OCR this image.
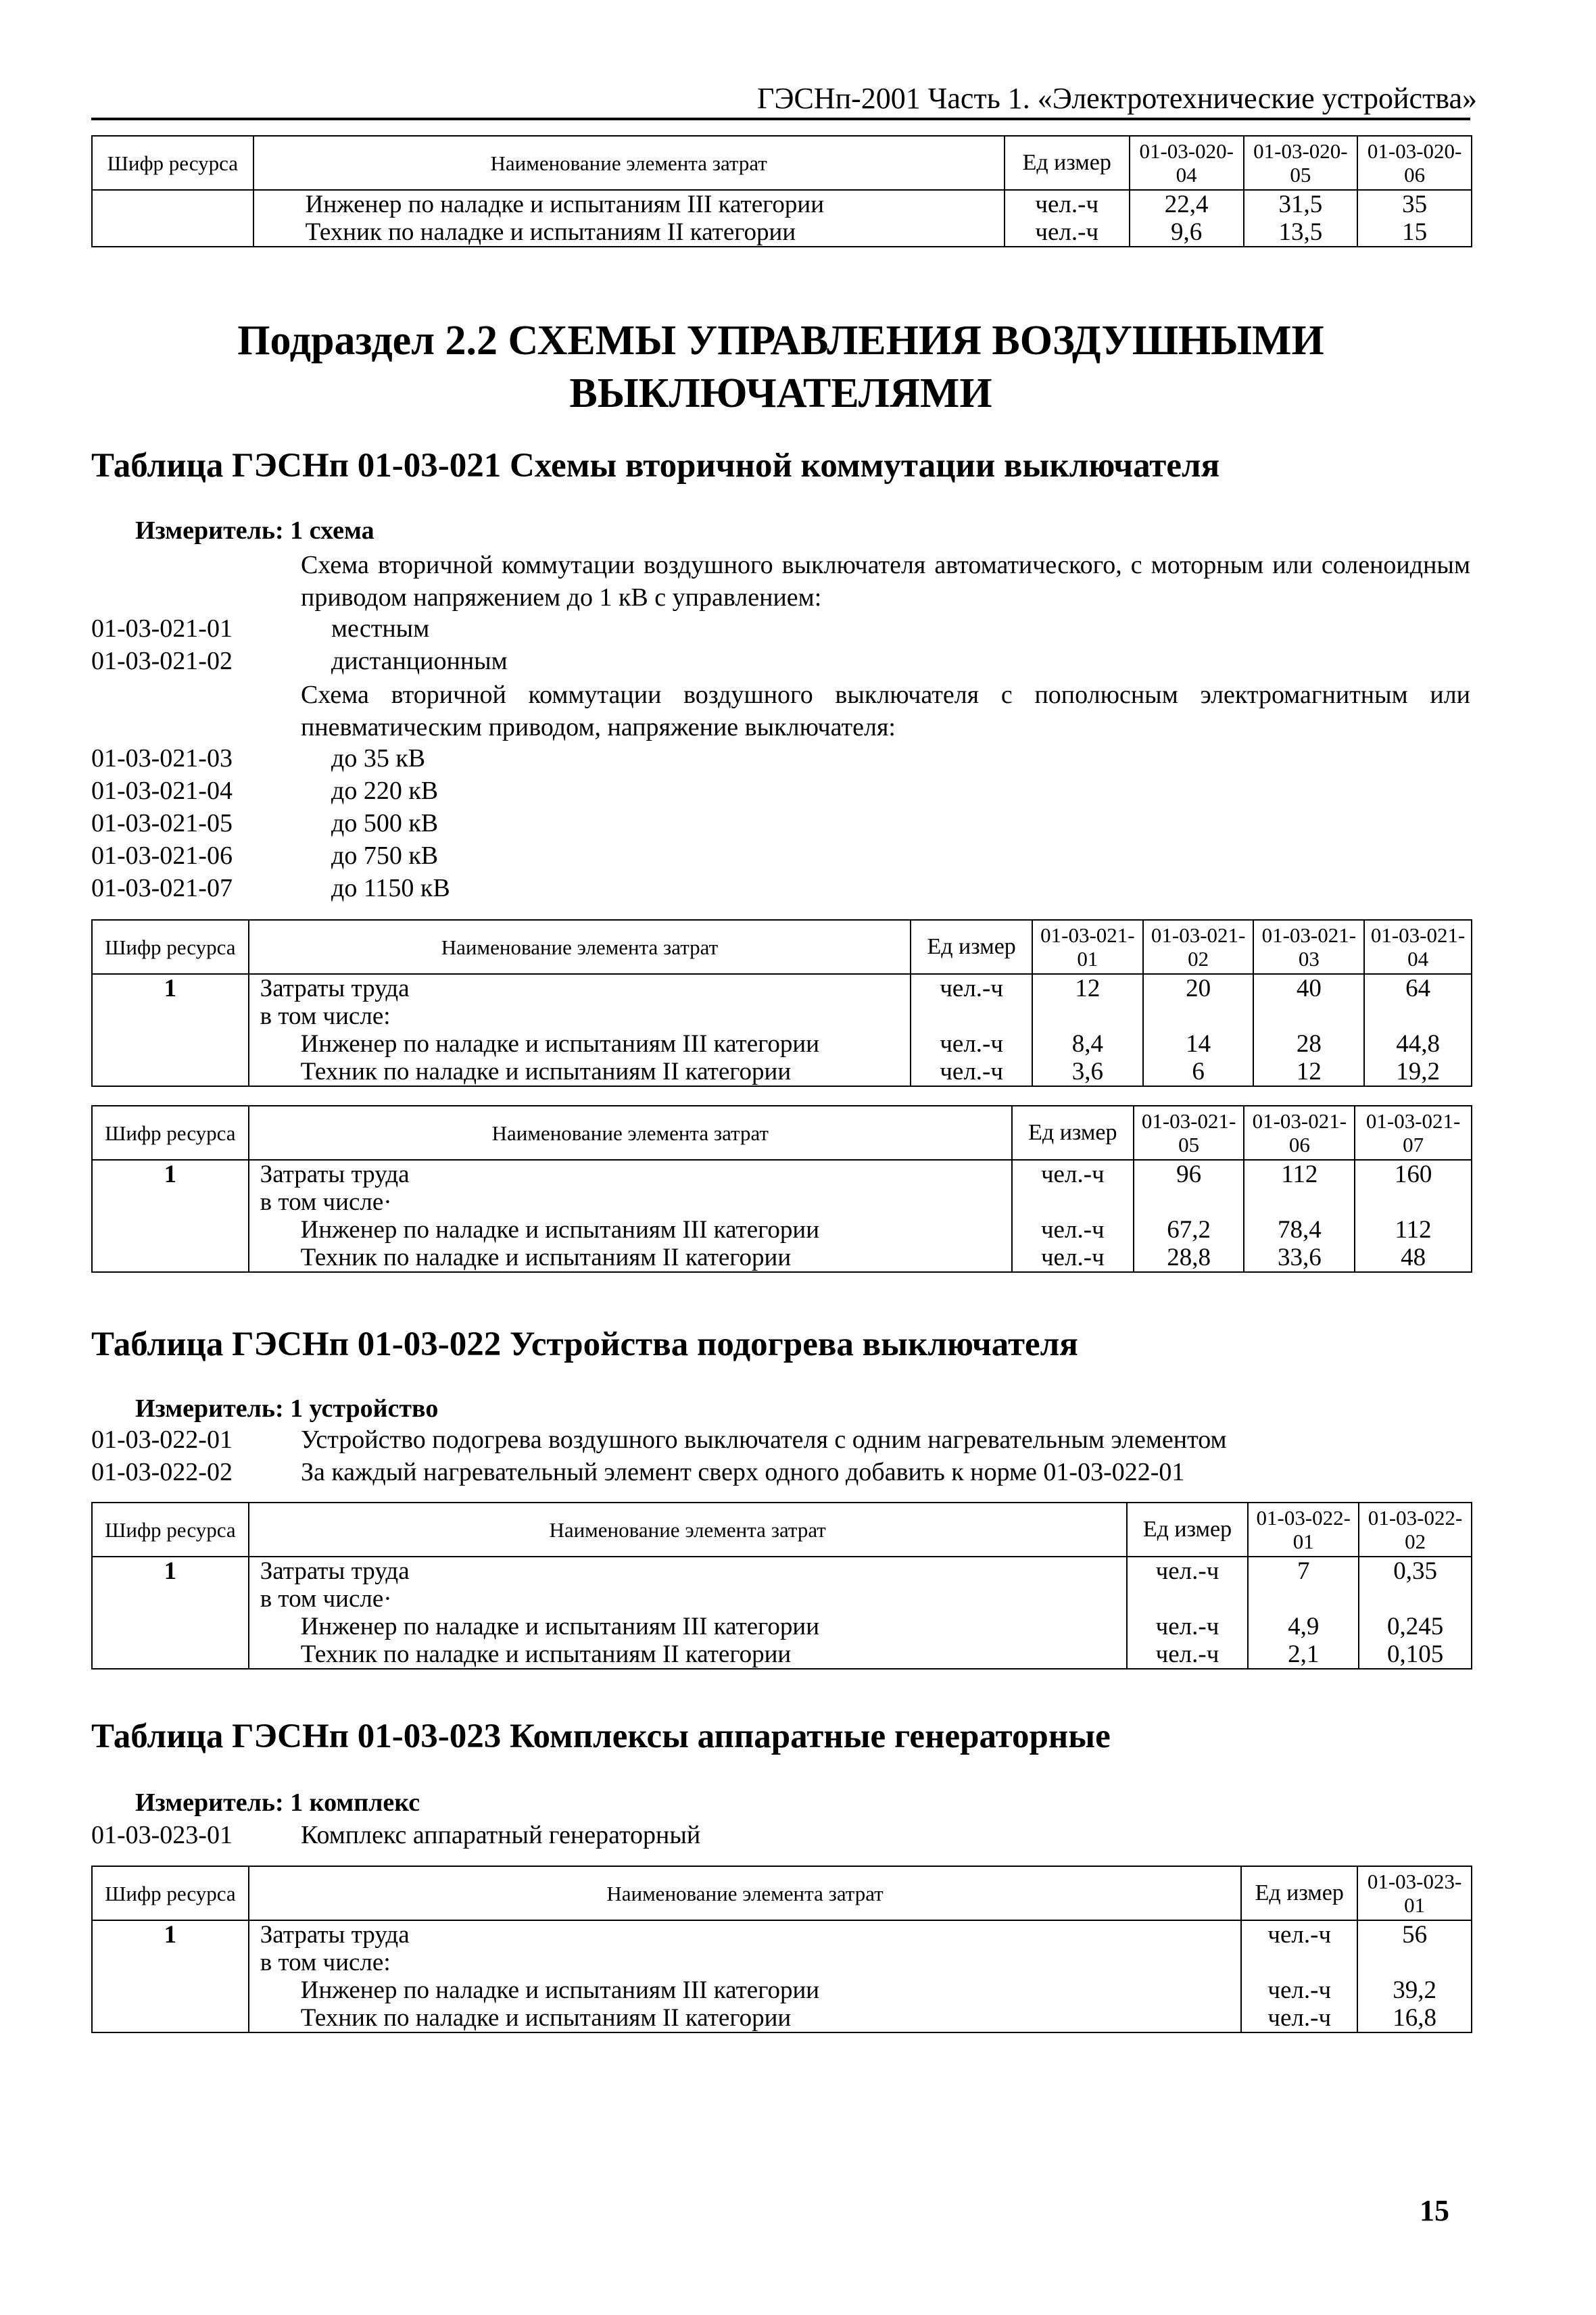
ГЭСНп-2001 Часть 1. «Электротехнические устройства»
Шифр ресурса	Наименование элемента затрат	Ед измер	01-03-020-04	01-03-020-05	01-03-020-06
	Инженер по наладке и испытаниям III категории	чел.-ч	22,4	31,5	35
	Техник по наладке и испытаниям II категории	чел.-ч	9,6	13,5	15
Подраздел 2.2 СХЕМЫ УПРАВЛЕНИЯ ВОЗДУШНЫМИ
ВЫКЛЮЧАТЕЛЯМИ
Таблица ГЭСНп 01-03-021 Схемы вторичной коммутации выключателя
Измеритель: 1 схема
Схема вторичной коммутации воздушного выключателя автоматического, с моторным или соленоидным приводом напряжением до 1 кВ с управлением:
01-03-021-01	местным
01-03-021-02	дистанционным
Схема вторичной коммутации воздушного выключателя с пополюсным электромагнитным или пневматическим приводом, напряжение выключателя:
01-03-021-03	до 35 кВ
01-03-021-04	до 220 кВ
01-03-021-05	до 500 кВ
01-03-021-06	до 750 кВ
01-03-021-07	до 1150 кВ
Шифр ресурса	Наименование элемента затрат	Ед измер	01-03-021-01	01-03-021-02	01-03-021-03	01-03-021-04
1	Затраты труда	чел.-ч	12	20	40	64
	в том числе:					
	Инженер по наладке и испытаниям III категории	чел.-ч	8,4	14	28	44,8
	Техник по наладке и испытаниям II категории	чел.-ч	3,6	6	12	19,2
Шифр ресурса	Наименование элемента затрат	Ед измер	01-03-021-05	01-03-021-06	01-03-021-07
1	Затраты труда	чел.-ч	96	112	160
	в том числе·				
	Инженер по наладке и испытаниям III категории	чел.-ч	67,2	78,4	112
	Техник по наладке и испытаниям II категории	чел.-ч	28,8	33,6	48
Таблица ГЭСНп 01-03-022 Устройства подогрева выключателя
Измеритель: 1 устройство
01-03-022-01	Устройство подогрева воздушного выключателя с одним нагревательным элементом
01-03-022-02	За каждый нагревательный элемент сверх одного добавить к норме 01-03-022-01
Шифр ресурса	Наименование элемента затрат	Ед измер	01-03-022-01	01-03-022-02
1	Затраты труда	чел.-ч	7	0,35
	в том числе·			
	Инженер по наладке и испытаниям III категории	чел.-ч	4,9	0,245
	Техник по наладке и испытаниям II категории	чел.-ч	2,1	0,105
Таблица ГЭСНп 01-03-023 Комплексы аппаратные генераторные
Измеритель: 1 комплекс
01-03-023-01	Комплекс аппаратный генераторный
Шифр ресурса	Наименование элемента затрат	Ед измер	01-03-023-01
1	Затраты труда	чел.-ч	56
	в том числе:		
	Инженер по наладке и испытаниям III категории	чел.-ч	39,2
	Техник по наладке и испытаниям II категории	чел.-ч	16,8
15
